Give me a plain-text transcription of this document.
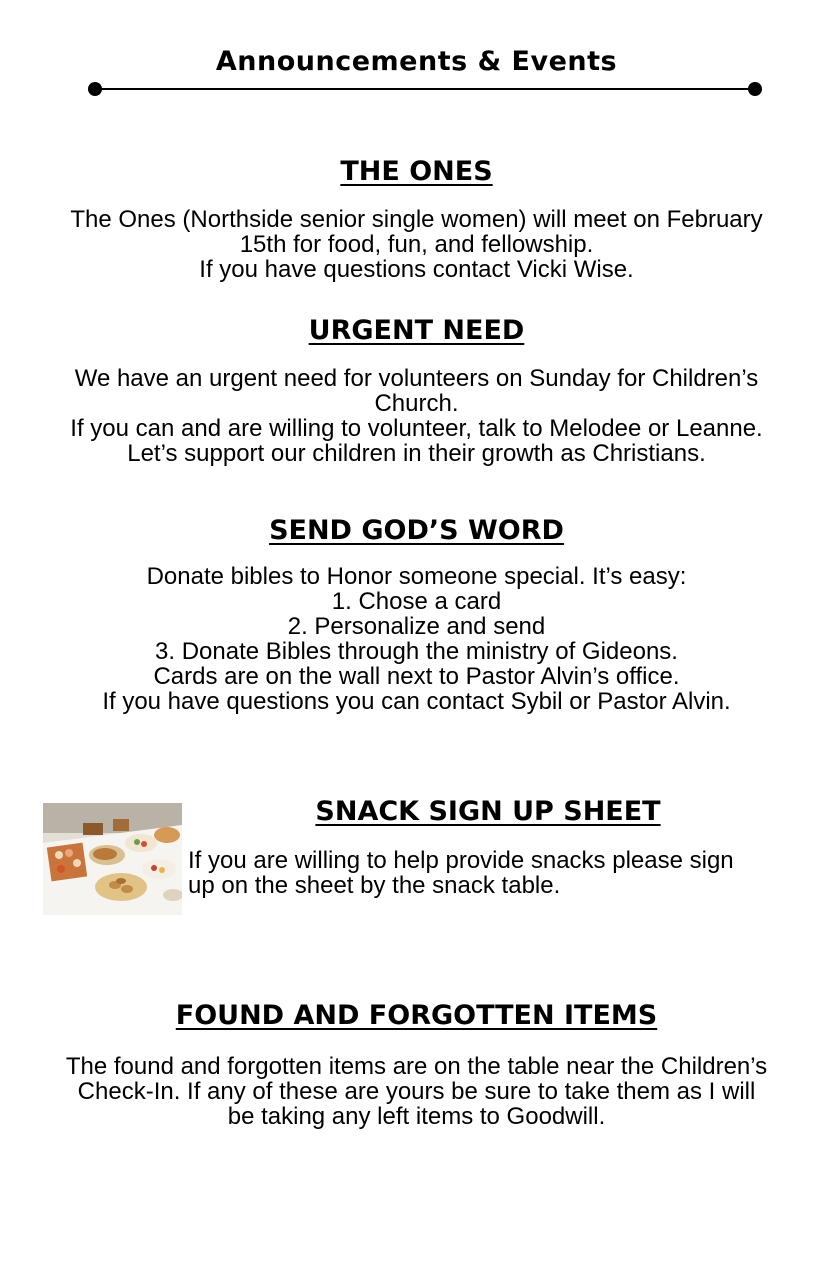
Announcements & Events
THE ONES
The Ones (Northside senior single women) will meet on February
15th for food, fun, and fellowship.
If you have questions contact Vicki Wise.
URGENT NEED
We have an urgent need for volunteers on Sunday for Children’s
Church.
If you can and are willing to volunteer, talk to Melodee or Leanne.
Let’s support our children in their growth as Christians.
SEND GOD’S WORD
Donate bibles to Honor someone special. It’s easy:
1. Chose a card
2. Personalize and send
3. Donate Bibles through the ministry of Gideons.
Cards are on the wall next to Pastor Alvin’s office.
If you have questions you can contact Sybil or Pastor Alvin.
SNACK SIGN UP SHEET
If you are willing to help provide snacks please sign
up on the sheet by the snack table.
FOUND AND FORGOTTEN ITEMS
The found and forgotten items are on the table near the Children’s
Check-In. If any of these are yours be sure to take them as I will
be taking any left items to Goodwill.
